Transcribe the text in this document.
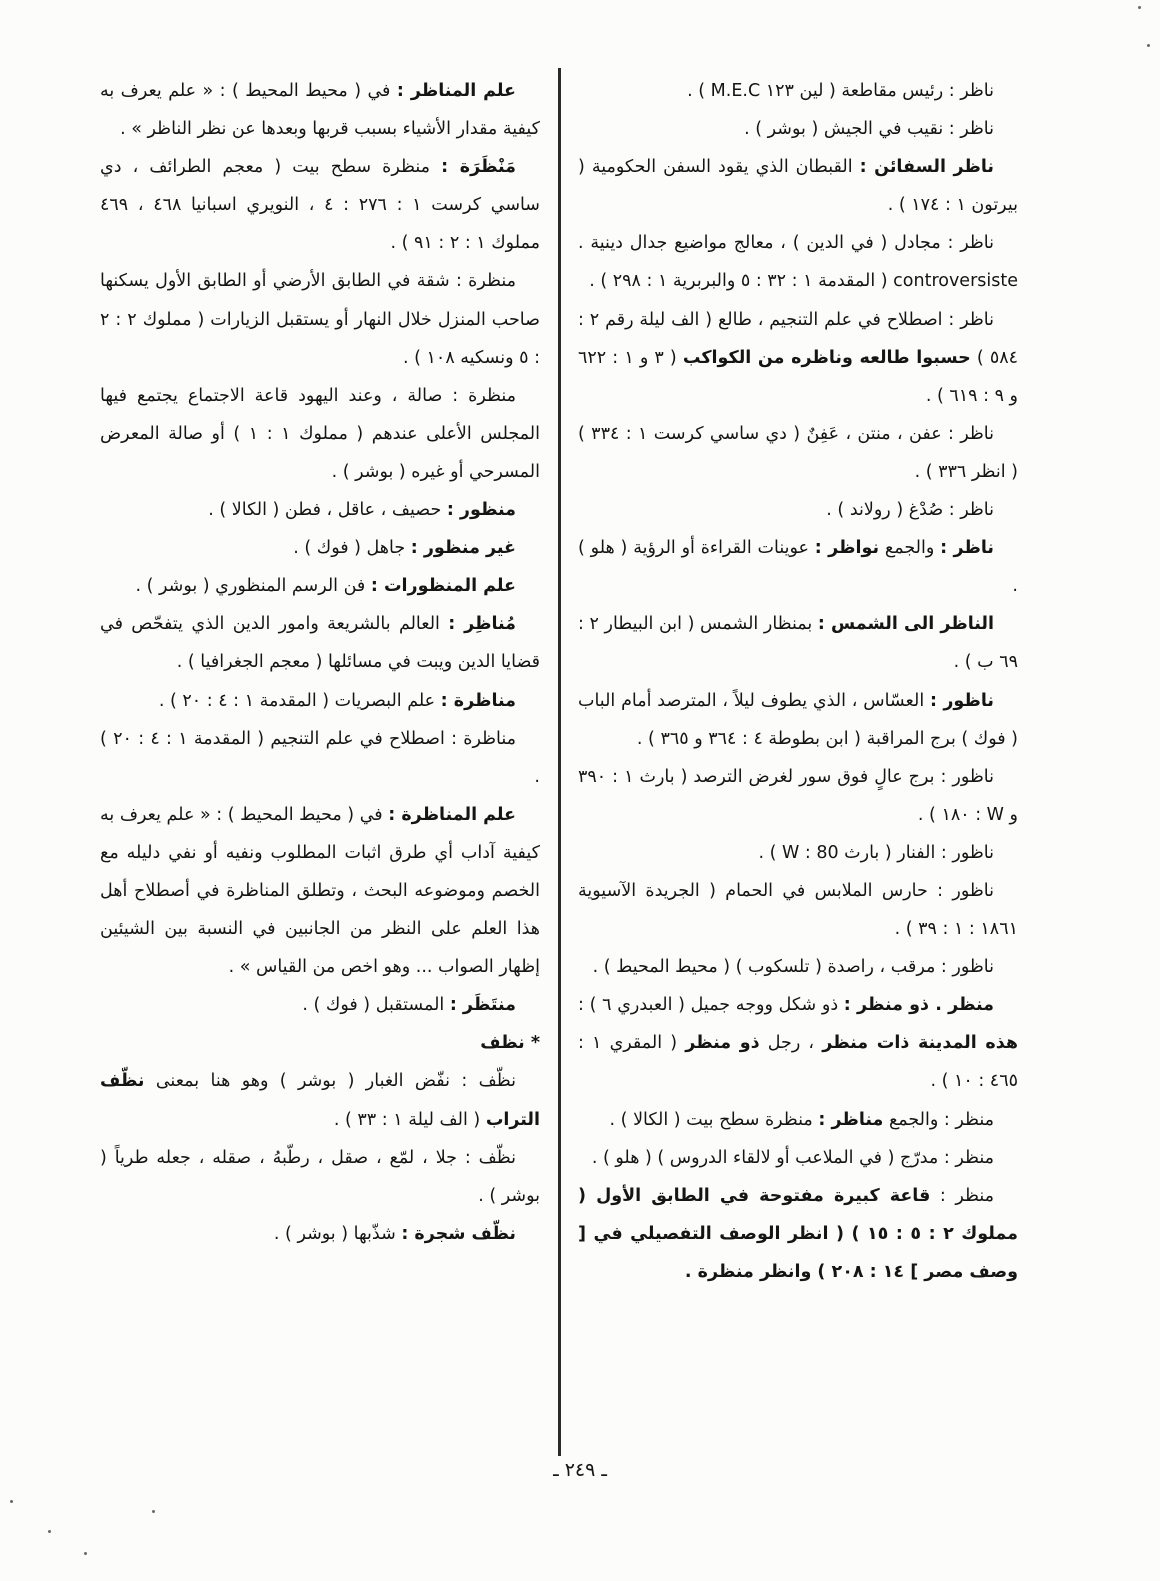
ناظر : رئيس مقاطعة ( لين ١٢٣ M.E.C ) .

ناظر : نقيب في الجيش ( بوشر ) .

ناظر السفائن : القبطان الذي يقود السفن الحكومية ( بيرتون ١ : ١٧٤ ) .

ناظر : مجادل ( في الدين ) ، معالج مواضيع جدال دينية . controversiste ( المقدمة ١ : ٣٢ : ٥ والبربرية ١ : ٢٩٨ ) .

ناظر : اصطلاح في علم التنجيم ، طالع ( الف ليلة رقم ٢ : ٥٨٤ ) حسبوا طالعه وناظره من الكواكب ( ٣ و ١ : ٦٢٢ و ٩ : ٦١٩ ) .

ناظر : عفن ، منتن ، عَفِنٌ ( دي ساسي كرست ١ : ٣٣٤ ) ( انظر ٣٣٦ ) .

ناظر : صُدْغ ( رولاند ) .

ناظر : والجمع نواظر : عوينات القراءة أو الرؤية ( هلو ) .

الناظر الى الشمس : بمنظار الشمس ( ابن البيطار ٢ : ٦٩ ب ) .

ناظور : العسّاس ، الذي يطوف ليلاً ، المترصد أمام الباب ( فوك ) برج المراقبة ( ابن بطوطة ٤ : ٣٦٤ و ٣٦٥ ) .

ناظور : برج عالٍ فوق سور لغرض الترصد ( بارث ١ : ٣٩٠ و W : ١٨٠ ) .

ناظور : الفنار ( بارث W : 80 ) .

ناظور : حارس الملابس في الحمام ( الجريدة الآسيوية ١٨٦١ : ١ : ٣٩ ) .

ناظور : مرقب ، راصدة ( تلسكوب ) ( محيط المحيط ) .

منظر . ذو منظر : ذو شكل ووجه جميل ( العبدري ٦ ) : هذه المدينة ذات منظر ، رجل ذو منظر ( المقري ١ : ٤٦٥ : ١٠ ) .

منظر : والجمع مناظر : منظرة سطح بيت ( الكالا ) .

منظر : مدرّج ( في الملاعب أو لالقاء الدروس ) ( هلو ) .

منظر : قاعة كبيرة مفتوحة في الطابق الأول ( مملوك ٢ : ٥ : ١٥ ) ( انظر الوصف التفصيلي في [ وصف مصر ] ١٤ : ٢٠٨ ) وانظر منظرة .

علم المناظر : في ( محيط المحيط ) : « علم يعرف به كيفية مقدار الأشياء بسبب قربها وبعدها عن نظر الناظر » .

مَنْظَرَة : منظرة سطح بيت ( معجم الطرائف ، دي ساسي كرست ١ : ٢٧٦ : ٤ ، النويري اسبانيا ٤٦٨ ، ٤٦٩ مملوك ١ : ٢ : ٩١ ) .

منظرة : شقة في الطابق الأرضي أو الطابق الأول يسكنها صاحب المنزل خلال النهار أو يستقبل الزيارات ( مملوك ٢ : ٢ : ٥ ونسكيه ١٠٨ ) .

منظرة : صالة ، وعند اليهود قاعة الاجتماع يجتمع فيها المجلس الأعلى عندهم ( مملوك ١ : ١ ) أو صالة المعرض المسرحي أو غيره ( بوشر ) .

منظور : حصيف ، عاقل ، فطن ( الكالا ) .

غير منظور : جاهل ( فوك ) .

علم المنظورات : فن الرسم المنظوري ( بوشر ) .

مُناظِر : العالم بالشريعة وامور الدين الذي يتفحّص في قضايا الدين ويبت في مسائلها ( معجم الجغرافيا ) .

مناظرة : علم البصريات ( المقدمة ١ : ٤ : ٢٠ ) .

مناظرة : اصطلاح في علم التنجيم ( المقدمة ١ : ٤ : ٢٠ ) .

علم المناظرة : في ( محيط المحيط ) : « علم يعرف به كيفية آداب أي طرق اثبات المطلوب ونفيه أو نفي دليله مع الخصم وموضوعه البحث ، وتطلق المناظرة في أصطلاح أهل هذا العلم على النظر من الجانبين في النسبة بين الشيئين إظهار الصواب ... وهو اخص من القياس » .

منتَظَر : المستقبل ( فوك ) .

* نظف

نظّف : نفّض الغبار ( بوشر ) وهو هنا بمعنى نظّف التراب ( الف ليلة ١ : ٣٣ ) .

نظّف : جلا ، لمّع ، صقل ، رطّبهُ ، صقله ، جعله طرياً ( بوشر ) .

نظّف شجرة : شذّبها ( بوشر ) .

ـ ٢٤٩ ـ
